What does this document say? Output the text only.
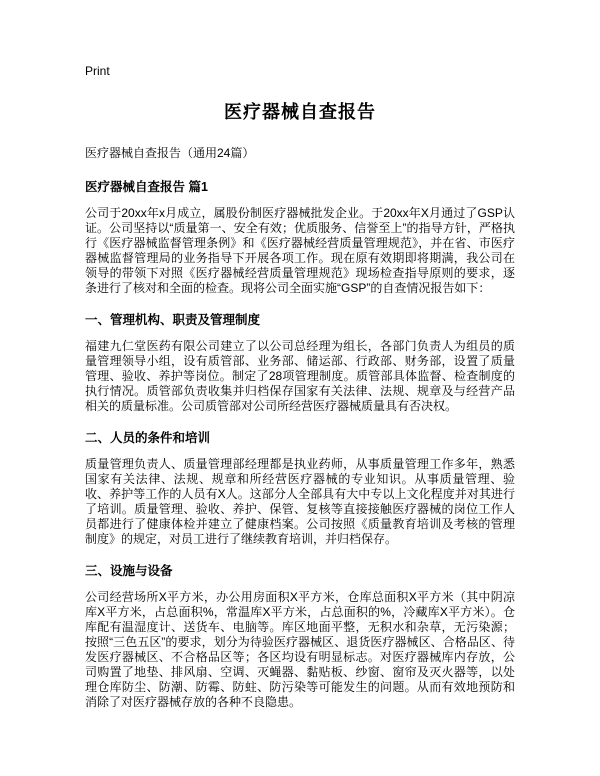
Print
医疗器械自查报告

医疗器械自查报告（通用24篇）

医疗器械自查报告 篇1

公司于20xx年x月成立，属股份制医疗器械批发企业。于20xx年X月通过了GSP认证。公司坚持以“质量第一、安全有效；优质服务、信誉至上”的指导方针，严格执行《医疗器械监督管理条例》和《医疗器械经营质量管理规范》，并在省、市医疗器械监督管理局的业务指导下开展各项工作。现在原有效期即将期满，我公司在领导的带领下对照《医疗器械经营质量管理规范》现场检查指导原则的要求，逐条进行了核对和全面的检查。现将公司全面实施“GSP”的自查情况报告如下：

一、管理机构、职责及管理制度

福建九仁堂医药有限公司建立了以公司总经理为组长，各部门负责人为组员的质量管理领导小组，设有质管部、业务部、储运部、行政部、财务部，设置了质量管理、验收、养护等岗位。制定了28项管理制度。质管部具体监督、检查制度的执行情况。质管部负责收集并归档保存国家有关法律、法规、规章及与经营产品相关的质量标准。公司质管部对公司所经营医疗器械质量具有否决权。

二、人员的条件和培训

质量管理负责人、质量管理部经理都是执业药师，从事质量管理工作多年，熟悉国家有关法律、法规、规章和所经营医疗器械的专业知识。从事质量管理、验收、养护等工作的人员有X人。这部分人全部具有大中专以上文化程度并对其进行了培训。质量管理、验收、养护、保管、复核等直接接触医疗器械的岗位工作人员都进行了健康体检并建立了健康档案。公司按照《质量教育培训及考核的管理制度》的规定，对员工进行了继续教育培训，并归档保存。

三、设施与设备

公司经营场所X平方米，办公用房面积X平方米，仓库总面积X平方米（其中阴凉库X平方米，占总面积%，常温库X平方米，占总面积的%，冷藏库X平方米）。仓库配有温湿度计、送货车、电脑等。库区地面平整，无积水和杂草，无污染源；按照“三色五区”的要求，划分为待验医疗器械区、退货医疗器械区、合格品区、待发医疗器械区、不合格品区等；各区均设有明显标志。对医疗器械库内存放，公司购置了地垫、排风扇、空调、灭蝇器、黏贴板、纱窗、窗帘及灭火器等，以处理仓库防尘、防潮、防霉、防蛀、防污染等可能发生的问题。从而有效地预防和消除了对医疗器械存放的各种不良隐患。
